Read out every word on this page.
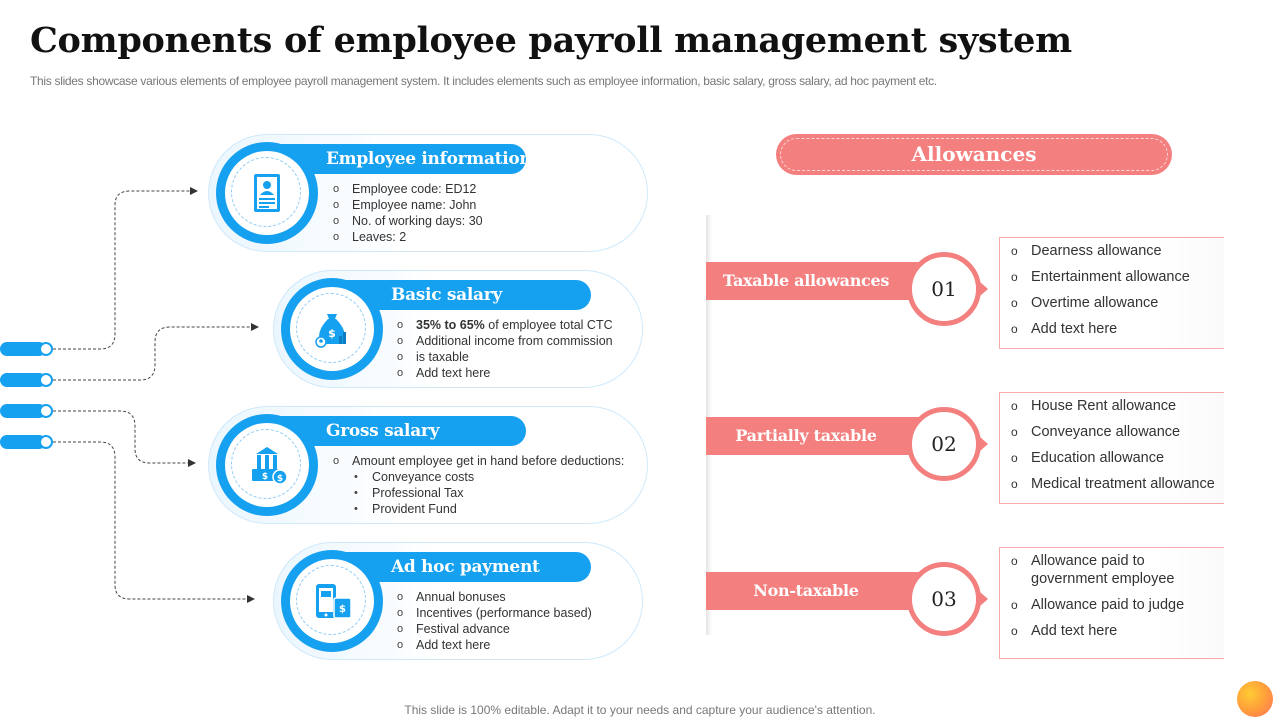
Components of employee payroll management system
This slides showcase various elements of employee payroll management system. It includes elements such as employee information, basic salary, gross salary, ad hoc payment etc.
Employee information
o Employee code: ED12
o Employee name: John
o No. of working days: 30
o Leaves: 2
Basic salary
$
o 35% to 65% of employee total CTC
o Additional income from commission
o is taxable
o Add text here
Gross salary
$ $
o Amount employee get in hand before deductions:
• Conveyance costs
• Professional Tax
• Provident Fund
Ad hoc payment
$
o Annual bonuses
o Incentives (performance based)
o Festival advance
o Add text here
Allowances
Taxable allowances	01
o Dearness allowance
o Entertainment allowance
o Overtime allowance
o Add text here
Partially taxable	02
o House Rent allowance
o Conveyance allowance
o Education allowance
o Medical treatment allowance
Non-taxable	03
o Allowance paid to government employee
o Allowance paid to judge
o Add text here
This slide is 100% editable. Adapt it to your needs and capture your audience's attention.
